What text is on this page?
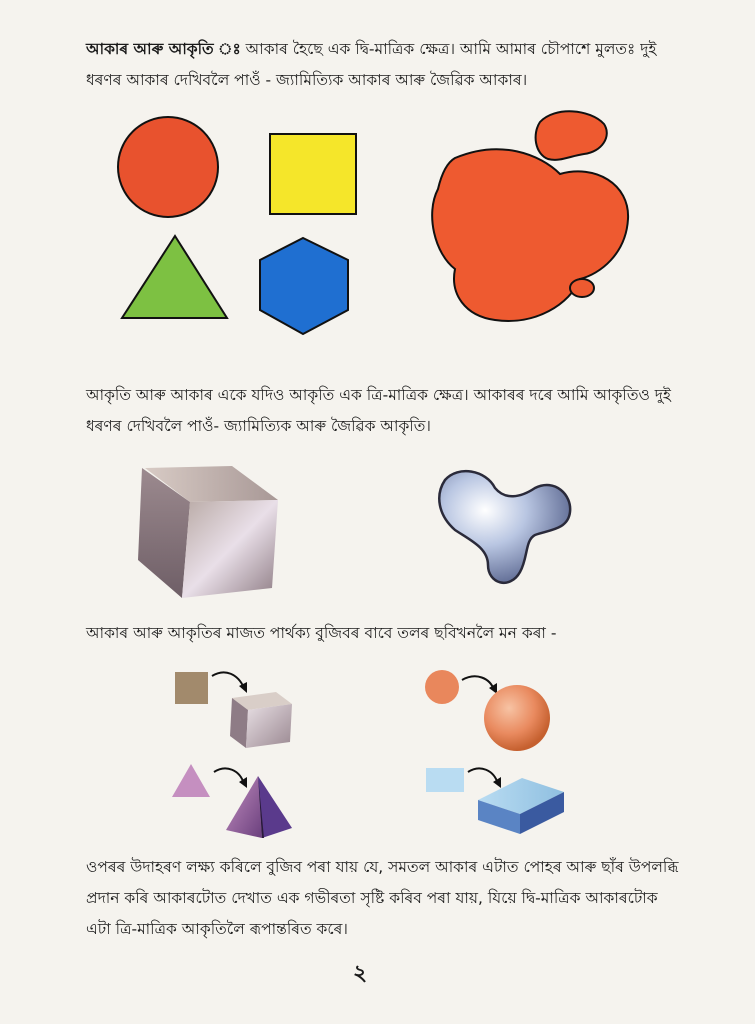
আকাৰ আৰু আকৃতি ঃ আকাৰ হৈছে এক দ্বি-মাত্ৰিক ক্ষেত্ৰ। আমি আমাৰ চৌপাশে মুলতঃ দুই ধৰণৰ আকাৰ দেখিবলৈ পাওঁ - জ্যামিত্যিক আকাৰ আৰু জৈৱিক আকাৰ।

আকৃতি আৰু আকাৰ একে যদিও আকৃতি এক ত্ৰি-মাত্ৰিক ক্ষেত্ৰ। আকাৰৰ দৰে আমি আকৃতিও দুই ধৰণৰ দেখিবলৈ পাওঁ- জ্যামিত্যিক আৰু জৈৱিক আকৃতি।

আকাৰ আৰু আকৃতিৰ মাজত পাৰ্থক্য বুজিবৰ বাবে তলৰ ছবিখনলৈ মন কৰা -

ওপৰৰ উদাহৰণ লক্ষ্য কৰিলে বুজিব পৰা যায় যে, সমতল আকাৰ এটাত পোহৰ আৰু ছাঁৰ উপলব্ধি প্ৰদান কৰি আকাৰটোত দেখাত এক গভীৰতা সৃষ্টি কৰিব পৰা যায়, যিয়ে দ্বি-মাত্ৰিক আকাৰটোক এটা ত্ৰি-মাত্ৰিক আকৃতিলৈ ৰূপান্তৰিত কৰে।

২
